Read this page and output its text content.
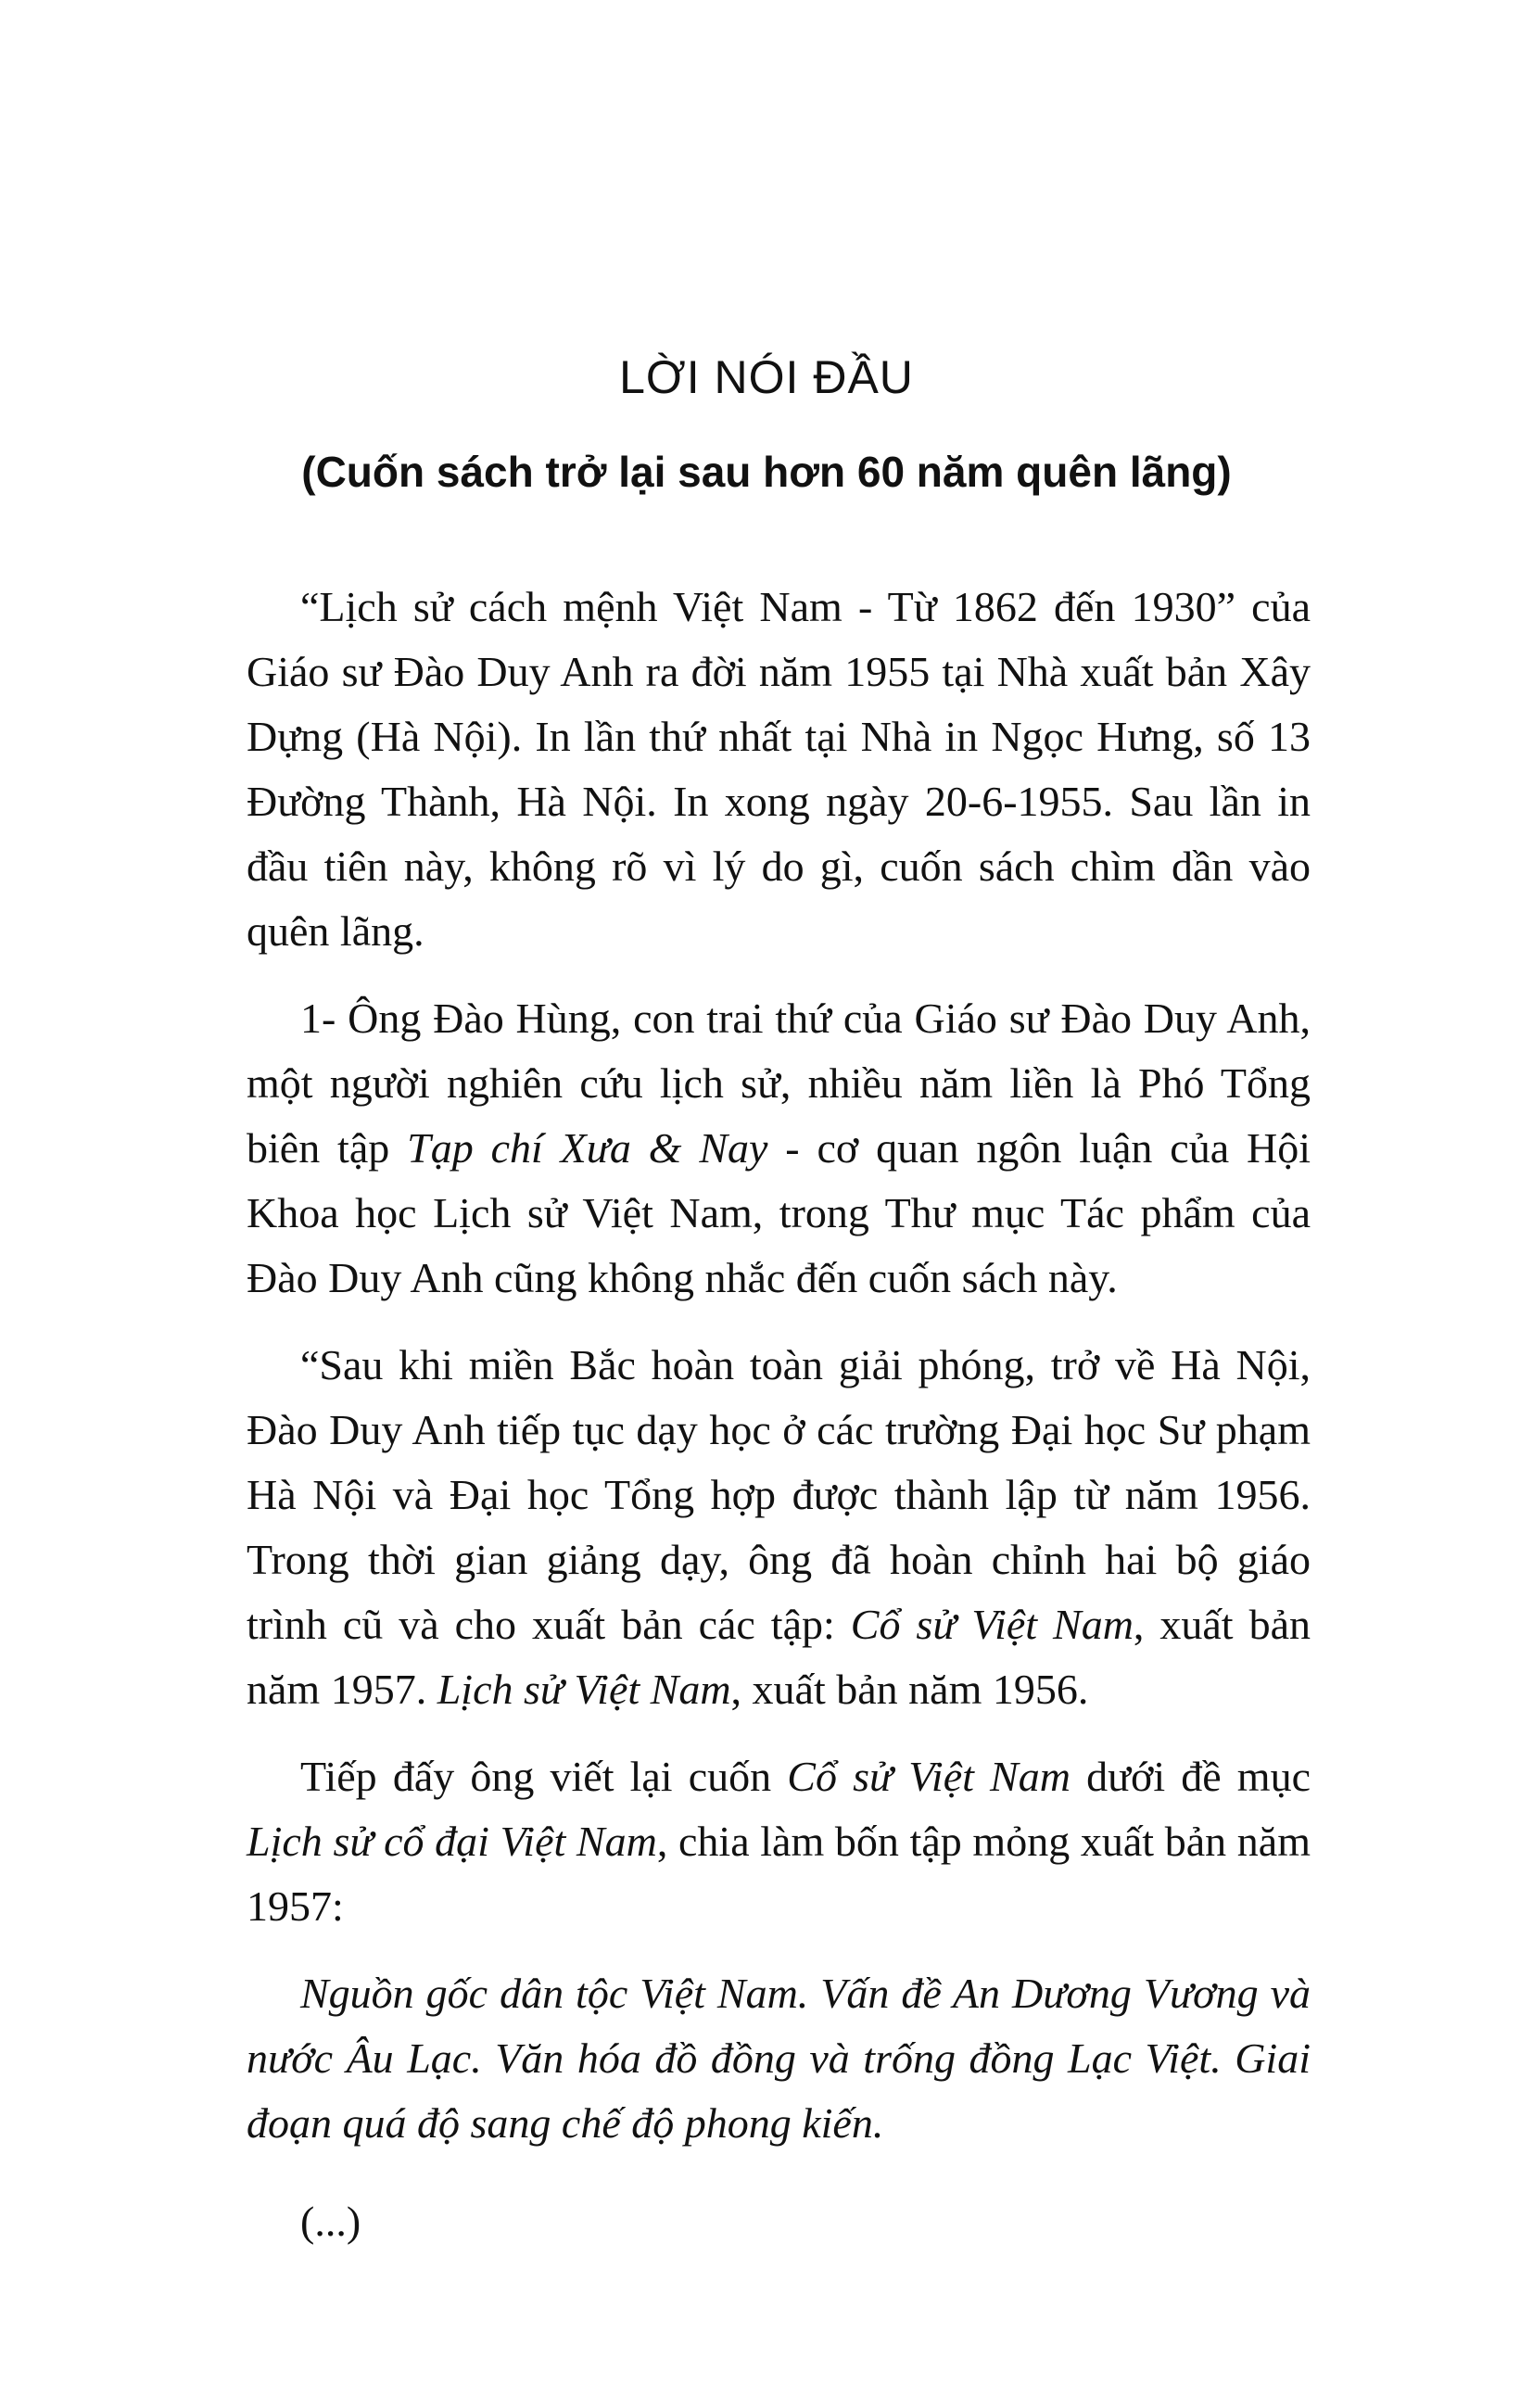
LỜI NÓI ĐẦU
(Cuốn sách trở lại sau hơn 60 năm quên lãng)

“Lịch sử cách mệnh Việt Nam - Từ 1862 đến 1930” của Giáo sư Đào Duy Anh ra đời năm 1955 tại Nhà xuất bản Xây Dựng (Hà Nội). In lần thứ nhất tại Nhà in Ngọc Hưng, số 13 Đường Thành, Hà Nội. In xong ngày 20-6-1955. Sau lần in đầu tiên này, không rõ vì lý do gì, cuốn sách chìm dần vào quên lãng.

1- Ông Đào Hùng, con trai thứ của Giáo sư Đào Duy Anh, một người nghiên cứu lịch sử, nhiều năm liền là Phó Tổng biên tập Tạp chí Xưa & Nay - cơ quan ngôn luận của Hội Khoa học Lịch sử Việt Nam, trong Thư mục Tác phẩm của Đào Duy Anh cũng không nhắc đến cuốn sách này.

“Sau khi miền Bắc hoàn toàn giải phóng, trở về Hà Nội, Đào Duy Anh tiếp tục dạy học ở các trường Đại học Sư phạm Hà Nội và Đại học Tổng hợp được thành lập từ năm 1956. Trong thời gian giảng dạy, ông đã hoàn chỉnh hai bộ giáo trình cũ và cho xuất bản các tập: Cổ sử Việt Nam, xuất bản năm 1957. Lịch sử Việt Nam, xuất bản năm 1956.

Tiếp đấy ông viết lại cuốn Cổ sử Việt Nam dưới đề mục Lịch sử cổ đại Việt Nam, chia làm bốn tập mỏng xuất bản năm 1957:

Nguồn gốc dân tộc Việt Nam. Vấn đề An Dương Vương và nước Âu Lạc. Văn hóa đồ đồng và trống đồng Lạc Việt. Giai đoạn quá độ sang chế độ phong kiến.

(...)
